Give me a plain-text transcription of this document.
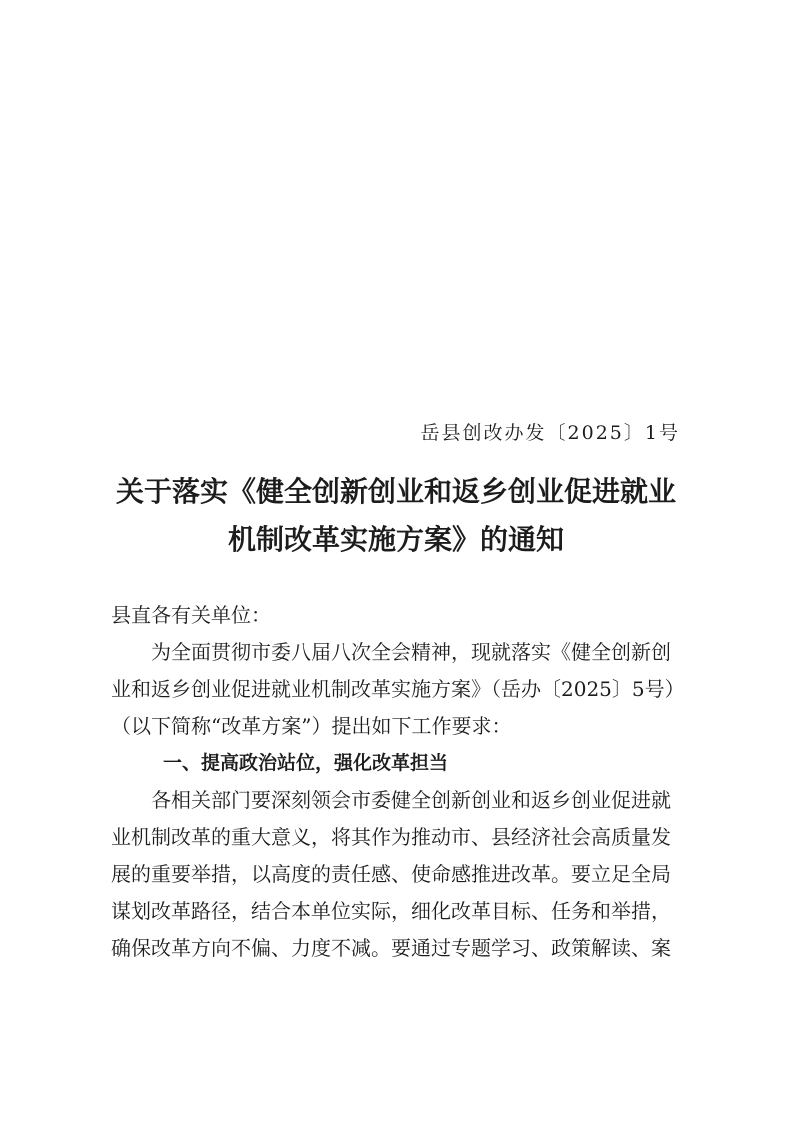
岳县创改办发〔2025〕1号
关于落实《健全创新创业和返乡创业促进就业
机制改革实施方案》的通知
县直各有关单位：
为全面贯彻市委八届八次全会精神，现就落实《健全创新创
业和返乡创业促进就业机制改革实施方案》（岳办〔2025〕5号）
（以下简称“改革方案”）提出如下工作要求：
一、提高政治站位，强化改革担当
各相关部门要深刻领会市委健全创新创业和返乡创业促进就
业机制改革的重大意义，将其作为推动市、县经济社会高质量发
展的重要举措，以高度的责任感、使命感推进改革。要立足全局
谋划改革路径，结合本单位实际，细化改革目标、任务和举措，
确保改革方向不偏、力度不减。要通过专题学习、政策解读、案
